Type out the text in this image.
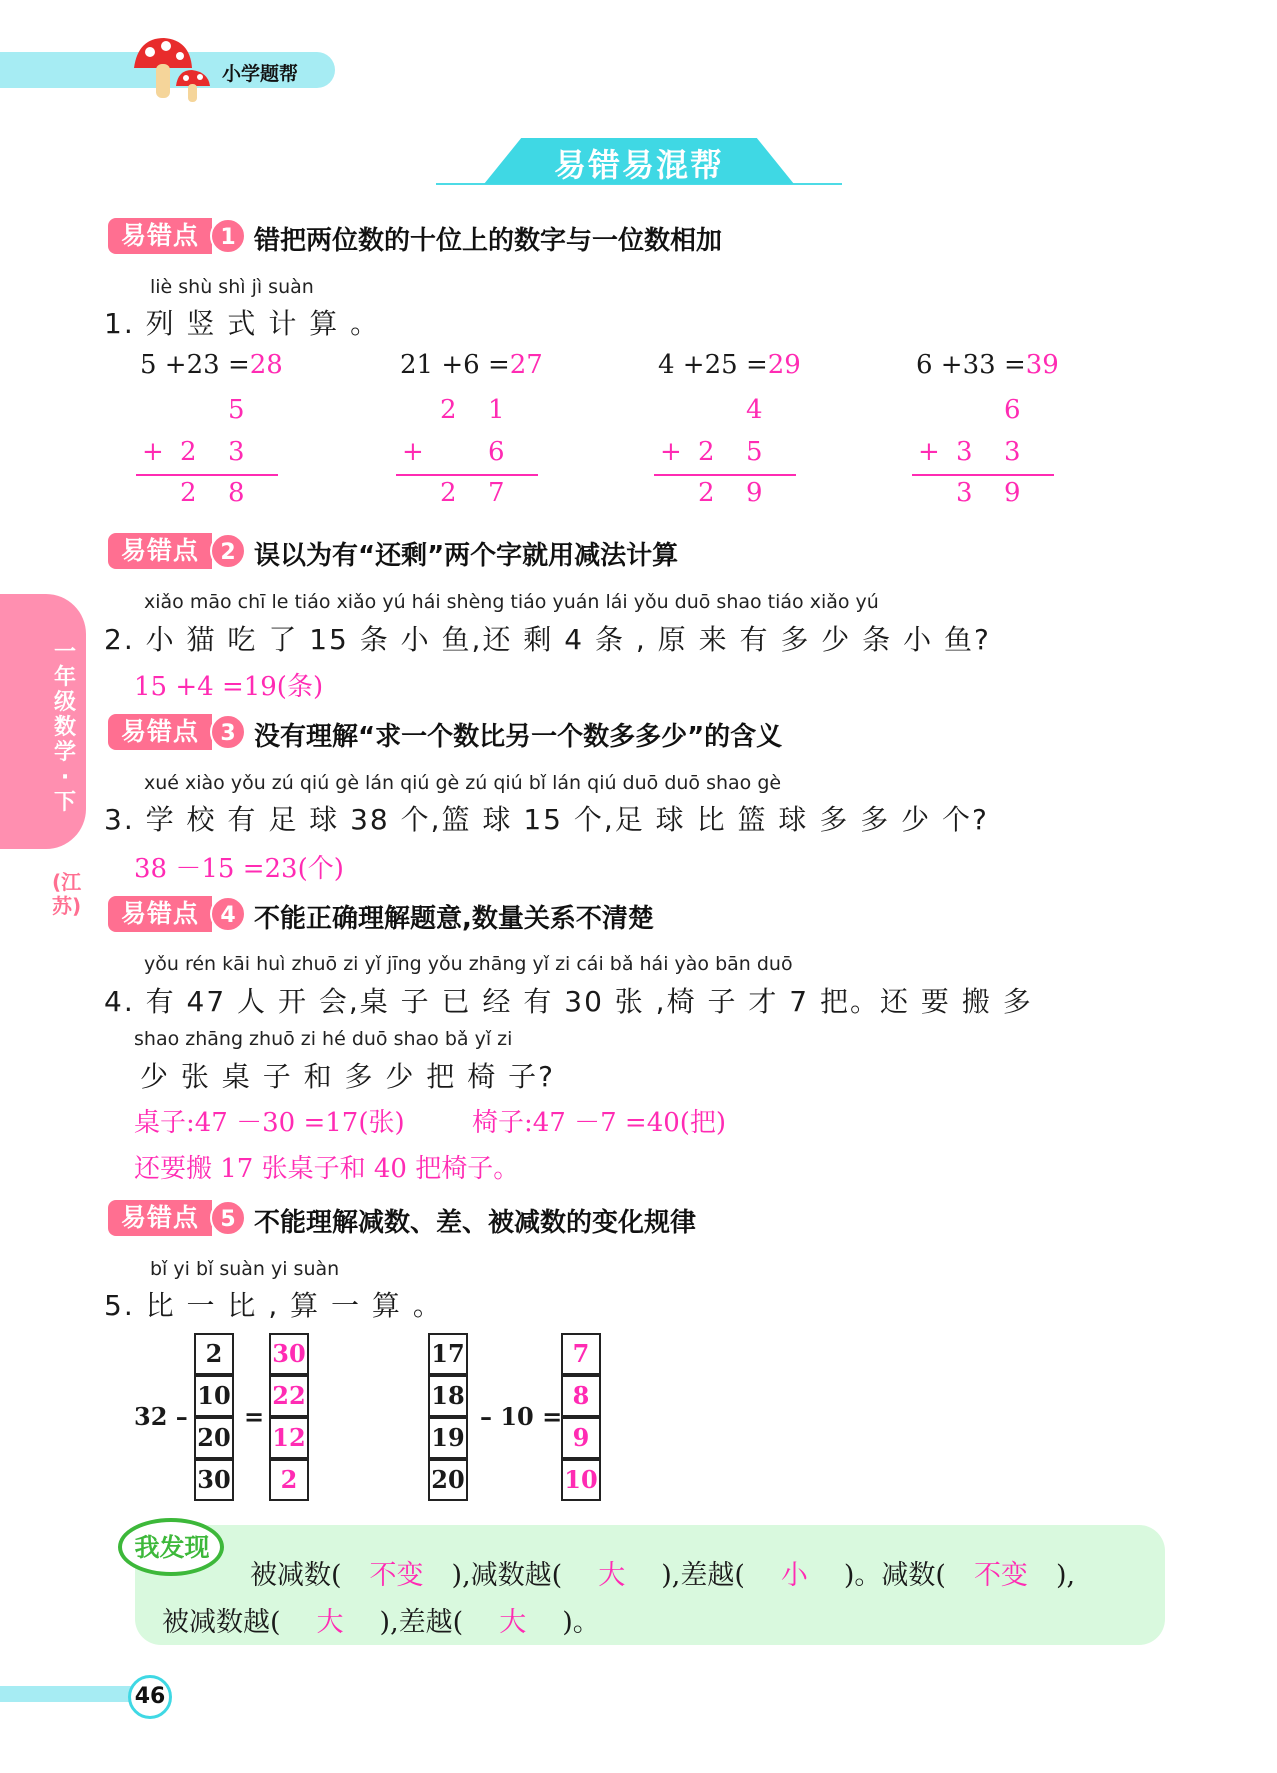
小学题帮
易错易混帮
一年级数学·下
(江苏)
易错点 1 错把两位数的十位上的数字与一位数相加
liè shù shì jì suàn
1. 列 竖 式 计 算 。
5 +23 =28
5
+ 2 3
2 8
21 +6 =27
2 1
+ 6
2 7
4 +25 =29
4
+ 2 5
2 9
6 +33 =39
6
+ 3 3
3 9
易错点 2 误以为有“还剩”两个字就用减法计算
xiǎo māo chī le tiáo xiǎo yú hái shèng tiáo yuán lái yǒu duō shao tiáo xiǎo yú
2. 小 猫 吃 了 15 条 小 鱼,还 剩 4 条 , 原 来 有 多 少 条 小 鱼?
15 +4 =19(条)
易错点 3 没有理解“求一个数比另一个数多多少”的含义
xué xiào yǒu zú qiú gè lán qiú gè zú qiú bǐ lán qiú duō duō shao gè
3. 学 校 有 足 球 38 个,篮 球 15 个,足 球 比 篮 球 多 多 少 个?
38 －15 =23(个)
易错点 4 不能正确理解题意,数量关系不清楚
yǒu rén kāi huì zhuō zi yǐ jīng yǒu zhāng yǐ zi cái bǎ hái yào bān duō
4. 有 47 人 开 会,桌 子 已 经 有 30 张 ,椅 子 才 7 把。还 要 搬 多
shao zhāng zhuō zi hé duō shao bǎ yǐ zi
少 张 桌 子 和 多 少 把 椅 子?
桌子:47 －30 =17(张)	椅子:47 －7 =40(把)
还要搬 17 张桌子和 40 把椅子。
易错点 5 不能理解减数、差、被减数的变化规律
bǐ yi bǐ suàn yi suàn
5. 比 一 比 , 算 一 算 。
32 –
2
10
20
30
=
30
22
12
2
17
18
19
20
– 10 =
7
8
9
10
我发现
被减数( 不变 ),减数越( 大 ),差越( 小 )。减数( 不变 ),
被减数越( 大 ),差越( 大 )。
46
